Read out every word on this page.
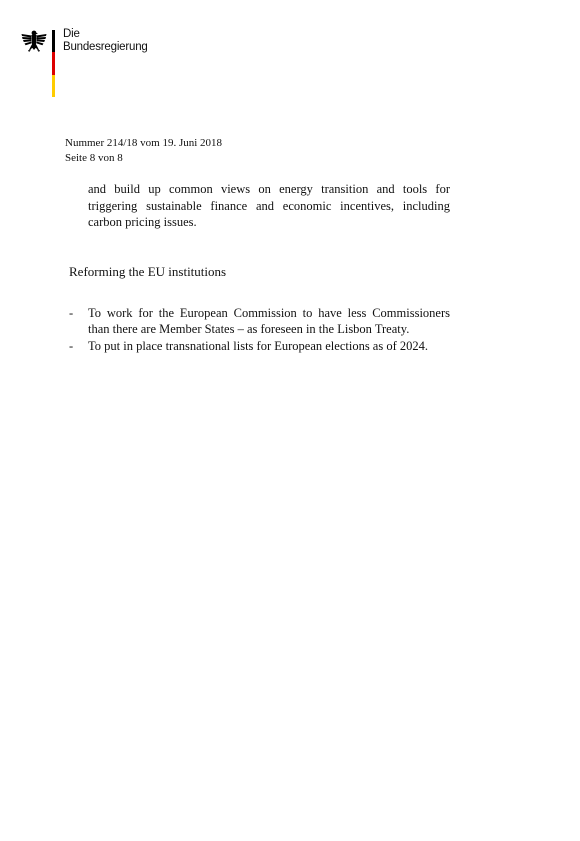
Die
Bundesregierung
Nummer 214/18 vom 19. Juni 2018
Seite 8 von 8

and build up common views on energy transition and tools for triggering sustainable finance and economic incentives, including carbon pricing issues.

Reforming the EU institutions
- To work for the European Commission to have less Commissioners than there are Member States – as foreseen in the Lisbon Treaty.
- To put in place transnational lists for European elections as of 2024.
